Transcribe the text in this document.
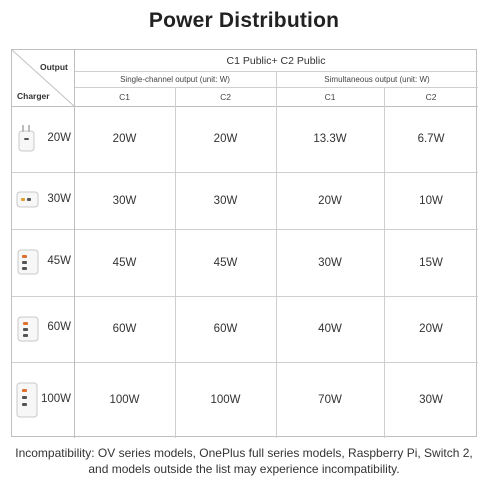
Power Distribution
Output
Charger
C1 Public+ C2 Public
Single-channel output (unit: W)	Simultaneous output (unit: W)
C1	C2	C1	C2
20W	20W	20W	13.3W	6.7W
30W	30W	30W	20W	10W
45W	45W	45W	30W	15W
60W	60W	60W	40W	20W
100W	100W	100W	70W	30W
Incompatibility: OV series models, OnePlus full series models, Raspberry Pi, Switch 2,
and models outside the list may experience incompatibility.
